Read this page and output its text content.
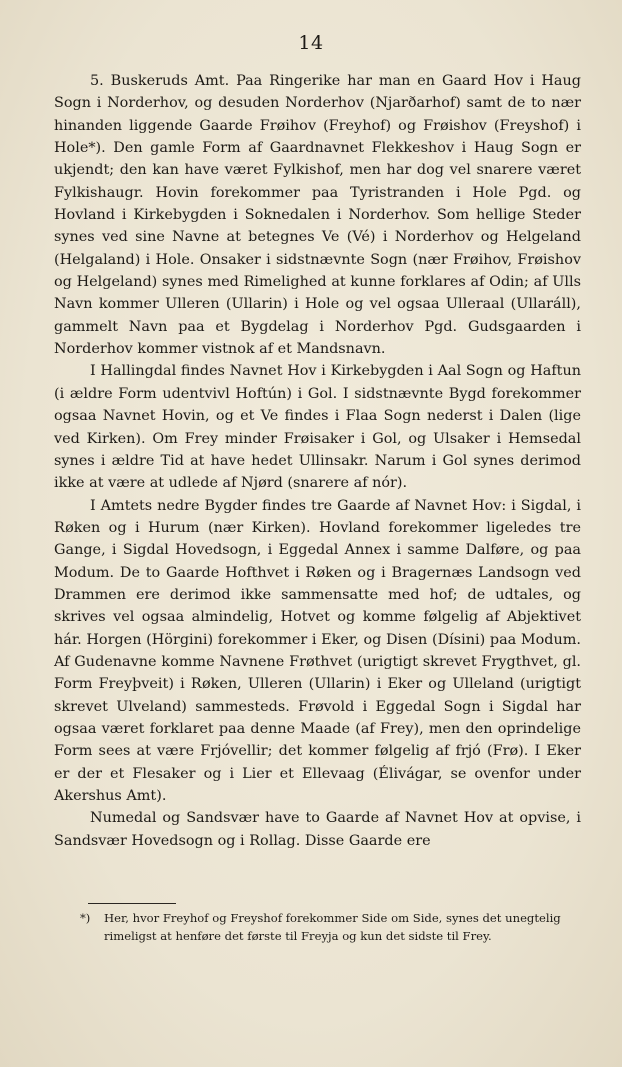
14

5. Buskeruds Amt. Paa Ringerike har man en Gaard Hov i Haug Sogn i Norderhov, og desuden Norderhov (Njarðarhof) samt de to nær hinanden liggende Gaarde Frøihov (Freyhof) og Frøishov (Freyshof) i Hole*). Den gamle Form af Gaardnavnet Flekkeshov i Haug Sogn er ukjendt; den kan have været Fylkishof, men har dog vel snarere været Fylkishaugr. Hovin forekommer paa Tyristranden i Hole Pgd. og Hovland i Kirkebygden i Soknedalen i Norderhov. Som hellige Steder synes ved sine Navne at betegnes Ve (Vé) i Norderhov og Helgeland (Helgaland) i Hole. Onsaker i sidstnævnte Sogn (nær Frøihov, Frøishov og Helgeland) synes med Rimelighed at kunne forklares af Odin; af Ulls Navn kommer Ulleren (Ullarin) i Hole og vel ogsaa Ulleraal (Ullaráll), gammelt Navn paa et Bygdelag i Norderhov Pgd. Gudsgaarden i Norderhov kommer vistnok af et Mandsnavn.

I Hallingdal findes Navnet Hov i Kirkebygden i Aal Sogn og Haftun (i ældre Form udentvivl Hoftún) i Gol. I sidstnævnte Bygd forekommer ogsaa Navnet Hovin, og et Ve findes i Flaa Sogn nederst i Dalen (lige ved Kirken). Om Frey minder Frøisaker i Gol, og Ulsaker i Hemsedal synes i ældre Tid at have hedet Ullinsakr. Narum i Gol synes derimod ikke at være at udlede af Njørd (snarere af nór).

I Amtets nedre Bygder findes tre Gaarde af Navnet Hov: i Sigdal, i Røken og i Hurum (nær Kirken). Hovland forekommer ligeledes tre Gange, i Sigdal Hovedsogn, i Eggedal Annex i samme Dalføre, og paa Modum. De to Gaarde Hofthvet i Røken og i Bragernæs Landsogn ved Drammen ere derimod ikke sammensatte med hof; de udtales, og skrives vel ogsaa almindelig, Hotvet og komme følgelig af Abjektivet hár. Horgen (Hörgini) forekommer i Eker, og Disen (Dísini) paa Modum. Af Gudenavne komme Navnene Frøthvet (urigtigt skrevet Frygthvet, gl. Form Freyþveit) i Røken, Ulleren (Ullarin) i Eker og Ulleland (urigtigt skrevet Ulveland) sammesteds. Frøvold i Eggedal Sogn i Sigdal har ogsaa været forklaret paa denne Maade (af Frey), men den oprindelige Form sees at være Frjóvellir; det kommer følgelig af frjó (Frø). I Eker er der et Flesaker og i Lier et Ellevaag (Élivágar, se ovenfor under Akershus Amt).

Numedal og Sandsvær have to Gaarde af Navnet Hov at opvise, i Sandsvær Hovedsogn og i Rollag. Disse Gaarde ere

*) Her, hvor Freyhof og Freyshof forekommer Side om Side, synes det unegtelig
rimeligst at henføre det første til Freyja og kun det sidste til Frey.
